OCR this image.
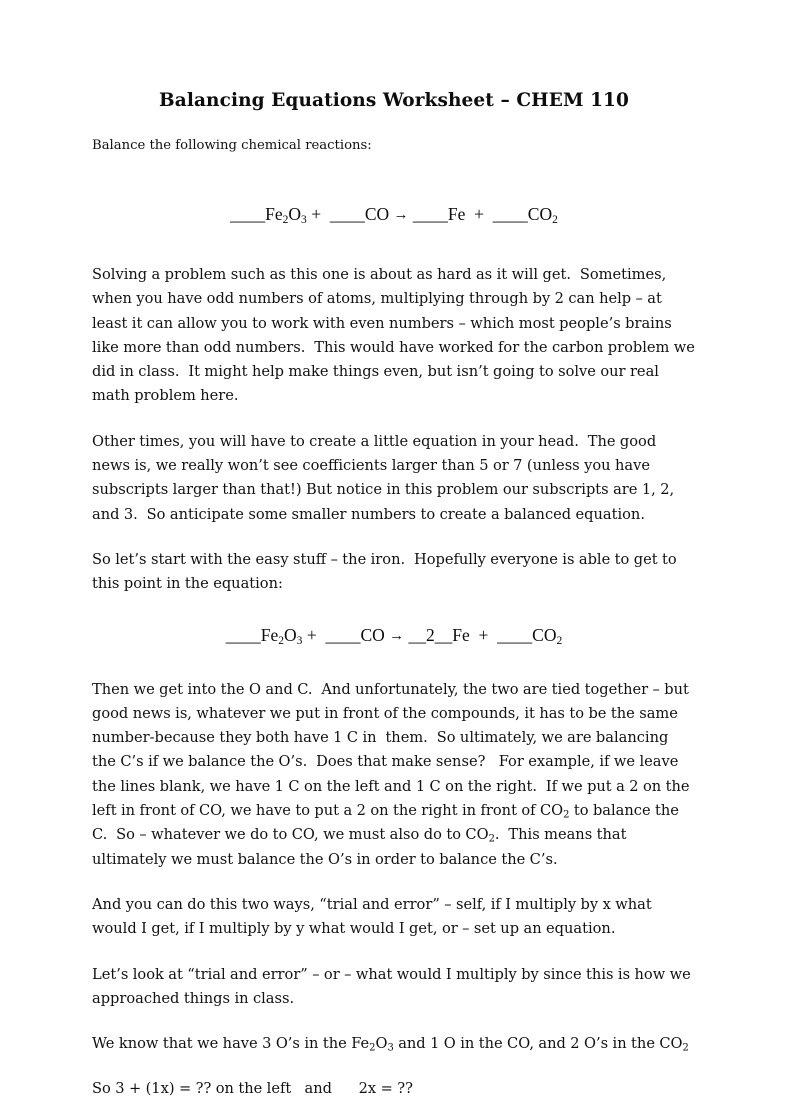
Balancing Equations Worksheet – CHEM 110

Balance the following chemical reactions:

$\_\_\_\_Fe_2O_3$ + ____CO → ____Fe + $\_\_\_\_CO_2$

Solving a problem such as this one is about as hard as it will get.  Sometimes, when you have odd numbers of atoms, multiplying through by 2 can help – at least it can allow you to work with even numbers – which most people’s brains like more than odd numbers.  This would have worked for the carbon problem we did in class.  It might help make things even, but isn’t going to solve our real math problem here.

Other times, you will have to create a little equation in your head.  The good news is, we really won’t see coefficients larger than 5 or 7 (unless you have subscripts larger than that!) But notice in this problem our subscripts are 1, 2, and 3.  So anticipate some smaller numbers to create a balanced equation.

So let’s start with the easy stuff – the iron.  Hopefully everyone is able to get to this point in the equation:

$\_\_\_\_Fe_2O_3$ + ____CO → __2__Fe + $\_\_\_\_CO_2$

Then we get into the O and C.  And unfortunately, the two are tied together – but good news is, whatever we put in front of the compounds, it has to be the same number-because they both have 1 C in  them.  So ultimately, we are balancing the C’s if we balance the O’s.  Does that make sense?   For example, if we leave the lines blank, we have 1 C on the left and 1 C on the right.  If we put a 2 on the left in front of CO, we have to put a 2 on the right in front of $CO_2$ to balance the C.  So – whatever we do to CO, we must also do to $CO_2$.  This means that ultimately we must balance the O’s in order to balance the C’s.

And you can do this two ways, “trial and error” – self, if I multiply by x what would I get, if I multiply by y what would I get, or – set up an equation.

Let’s look at “trial and error” – or – what would I multiply by since this is how we approached things in class.

We know that we have 3 O’s in the $Fe_2O_3$ and 1 O in the CO, and 2 O’s in the $CO_2$

So 3 + (1x) = ?? on the left   and      2x = ??
